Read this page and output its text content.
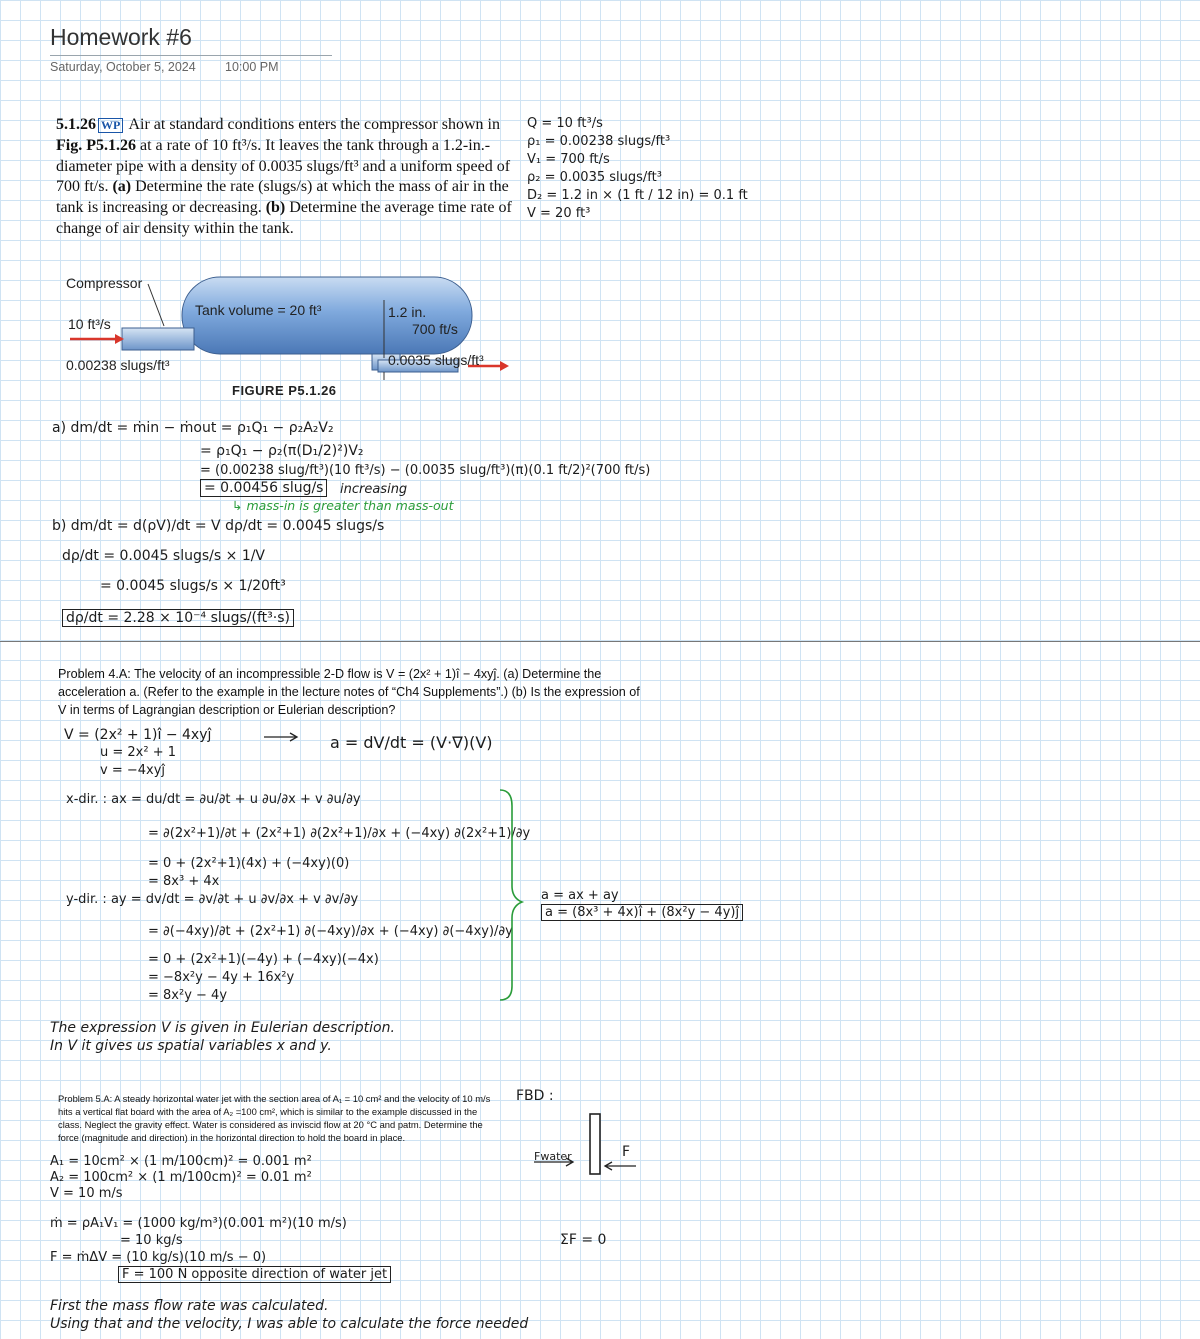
Homework #6
Saturday, October 5, 2024 10:00 PM
5.1.26 WP Air at standard conditions enters the compressor shown in Fig. P5.1.26 at a rate of 10 ft³/s. It leaves the tank through a 1.2-in.-diameter pipe with a density of 0.0035 slugs/ft³ and a uniform speed of 700 ft/s. (a) Determine the rate (slugs/s) at which the mass of air in the tank is increasing or decreasing. (b) Determine the average time rate of change of air density within the tank.
Q = 10 ft³/s
ρ₁ = 0.00238 slugs/ft³
V₁ = 700 ft/s
ρ₂ = 0.0035 slugs/ft³
D₂ = 1.2 in × (1 ft / 12 in) = 0.1 ft
V = 20 ft³
Compressor
10 ft³/s
0.00238 slugs/ft³
Tank volume = 20 ft³	1.2 in.
700 ft/s
0.0035 slugs/ft³
FIGURE P5.1.26
a) dm/dt = ṁin − ṁout = ρ₁Q₁ − ρ₂A₂V₂
= ρ₁Q₁ − ρ₂(π(D₁/2)²)V₂
= (0.00238 slug/ft³)(10 ft³/s) − (0.0035 slug/ft³)(π)(0.1 ft/2)²(700 ft/s)
= 0.00456 slug/s	increasing
↳ mass-in is greater than mass-out
b) dm/dt = d(ρV)/dt = V dρ/dt = 0.0045 slugs/s
dρ/dt = 0.0045 slugs/s × 1/V
= 0.0045 slugs/s × 1/20ft³
dρ/dt = 2.28 × 10⁻⁴ slugs/(ft³·s)
Problem 4.A: The velocity of an incompressible 2-D flow is V = (2x² + 1)î − 4xyĵ. (a) Determine the
acceleration a. (Refer to the example in the lecture notes of “Ch4 Supplements”.) (b) Is the expression of
V in terms of Lagrangian description or Eulerian description?
V = (2x² + 1)î − 4xyĵ
u = 2x² + 1
v = −4xyĵ
a = dV/dt = (V·∇)(V)
x-dir. : ax = du/dt = ∂u/∂t + u ∂u/∂x + v ∂u/∂y
= ∂(2x²+1)/∂t + (2x²+1) ∂(2x²+1)/∂x + (−4xy) ∂(2x²+1)/∂y
= 0 + (2x²+1)(4x) + (−4xy)(0)
= 8x³ + 4x
y-dir. : ay = dv/dt = ∂v/∂t + u ∂v/∂x + v ∂v/∂y
= ∂(−4xy)/∂t + (2x²+1) ∂(−4xy)/∂x + (−4xy) ∂(−4xy)/∂y
= 0 + (2x²+1)(−4y) + (−4xy)(−4x)
= −8x²y − 4y + 16x²y
= 8x²y − 4y
a = ax + ay
a = (8x³ + 4x)î + (8x²y − 4y)ĵ
The expression V is given in Eulerian description.
In V it gives us spatial variables x and y.
Problem 5.A: A steady horizontal water jet with the section area of A₁ = 10 cm² and the velocity of 10 m/s hits a vertical flat board with the area of A₂ =100 cm², which is similar to the example discussed in the class. Neglect the gravity effect. Water is considered as inviscid flow at 20 °C and patm. Determine the force (magnitude and direction) in the horizontal direction to hold the board in place.
FBD :
A₁ = 10cm² × (1 m/100cm)² = 0.001 m²
A₂ = 100cm² × (1 m/100cm)² = 0.01 m²
V = 10 m/s
Fwater	F
ΣF = 0
ṁ = ρA₁V₁ = (1000 kg/m³)(0.001 m²)(10 m/s)
= 10 kg/s
F = ṁΔV = (10 kg/s)(10 m/s − 0)
F = 100 N opposite direction of water jet
First the mass flow rate was calculated.
Using that and the velocity, I was able to calculate the force needed
